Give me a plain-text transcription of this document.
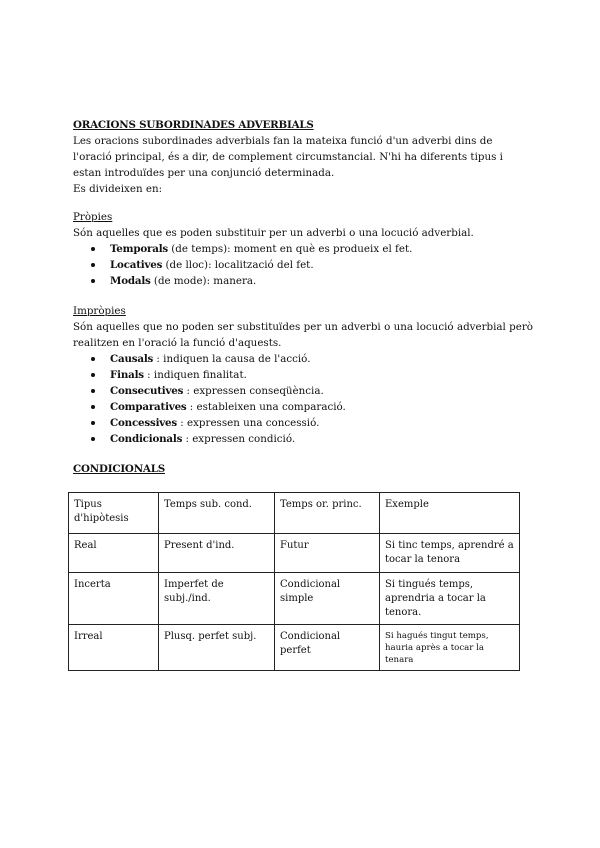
ORACIONS SUBORDINADES ADVERBIALS

Les oracions subordinades adverbials fan la mateixa funció d'un adverbi dins de l'oració principal, és a dir, de complement circumstancial. N'hi ha diferents tipus i estan introduïdes per una conjunció determinada.

Es divideixen en:

Pròpies

Són aquelles que es poden substituir per un adverbi o una locució adverbial.

Temporals (de temps): moment en què es produeix el fet.
Locatives (de lloc): localització del fet.
Modals (de mode): manera.

Impròpies

Són aquelles que no poden ser substituïdes per un adverbi o una locució adverbial però realitzen en l'oració la funció d'aquests.

Causals : indiquen la causa de l'acció.
Finals : indiquen finalitat.
Consecutives : expressen conseqüència.
Comparatives : estableixen una comparació.
Concessives : expressen una concessió.
Condicionals : expressen condició.

CONDICIONALS

Tipus d'hipòtesis	Temps sub. cond.	Temps or. princ.	Exemple
Real	Present d'ind.	Futur	Si tinc temps, aprendré a tocar la tenora
Incerta	Imperfet de subj./ind.	Condicional simple	Si tingués temps, aprendria a tocar la tenora.
Irreal	Plusq. perfet subj.	Condicional perfet	Si hagués tingut temps, hauria après a tocar la tenara
